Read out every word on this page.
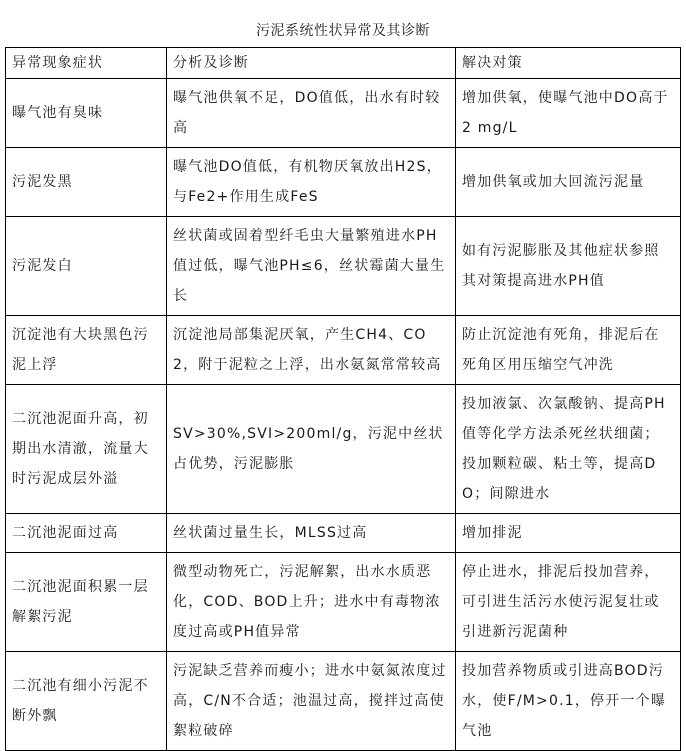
污泥系统性状异常及其诊断
异常现象症状	分析及诊断	解决对策
曝气池有臭味	曝气池供氧不足，DO值低，出水有时较高	增加供氧，使曝气池中DO高于2 mg/L
污泥发黑	曝气池DO值低，有机物厌氧放出H2S，与Fe2+作用生成FeS	增加供氧或加大回流污泥量
污泥发白	丝状菌或固着型纤毛虫大量繁殖进水PH值过低，曝气池PH≤6，丝状霉菌大量生长	如有污泥膨胀及其他症状参照其对策提高进水PH值
沉淀池有大块黑色污泥上浮	沉淀池局部集泥厌氧，产生CH4、CO2，附于泥粒之上浮，出水氨氮常常较高	防止沉淀池有死角，排泥后在死角区用压缩空气冲洗
二沉池泥面升高，初期出水清澈，流量大时污泥成层外溢	SV>30%,SVI>200ml/g，污泥中丝状占优势，污泥膨胀	投加液氯、次氯酸钠、提高PH值等化学方法杀死丝状细菌；投加颗粒碳、粘土等，提高DO；间隙进水
二沉池泥面过高	丝状菌过量生长，MLSS过高	增加排泥
二沉池泥面积累一层解絮污泥	微型动物死亡，污泥解絮，出水水质恶化，COD、BOD上升；进水中有毒物浓度过高或PH值异常	停止进水，排泥后投加营养，可引进生活污水使污泥复壮或引进新污泥菌种
二沉池有细小污泥不断外飘	污泥缺乏营养而瘦小；进水中氨氮浓度过高，C/N不合适；池温过高，搅拌过高使絮粒破碎	投加营养物质或引进高BOD污水，使F/M>0.1，停开一个曝气池
